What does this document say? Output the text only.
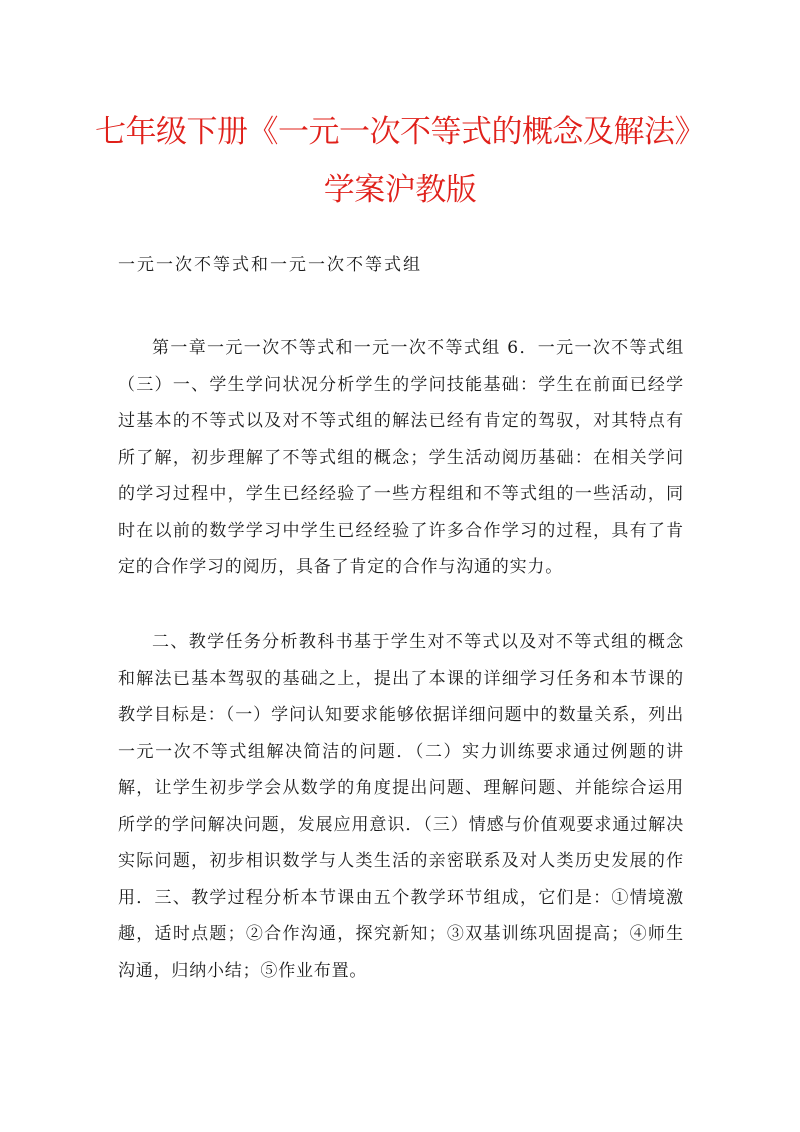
七年级下册《一元一次不等式的概念及解法》
学案沪教版
一元一次不等式和一元一次不等式组

第一章一元一次不等式和一元一次不等式组 6．一元一次不等式组（三）一、学生学问状况分析学生的学问技能基础：学生在前面已经学过基本的不等式以及对不等式组的解法已经有肯定的驾驭，对其特点有所了解，初步理解了不等式组的概念；学生活动阅历基础：在相关学问的学习过程中，学生已经经验了一些方程组和不等式组的一些活动，同时在以前的数学学习中学生已经经验了许多合作学习的过程，具有了肯定的合作学习的阅历，具备了肯定的合作与沟通的实力。

二、教学任务分析教科书基于学生对不等式以及对不等式组的概念和解法已基本驾驭的基础之上，提出了本课的详细学习任务和本节课的教学目标是：（一）学问认知要求能够依据详细问题中的数量关系，列出一元一次不等式组解决简洁的问题．（二）实力训练要求通过例题的讲解，让学生初步学会从数学的角度提出问题、理解问题、并能综合运用所学的学问解决问题，发展应用意识．（三）情感与价值观要求通过解决实际问题，初步相识数学与人类生活的亲密联系及对人类历史发展的作用．三、教学过程分析本节课由五个教学环节组成，它们是：①情境激趣，适时点题；②合作沟通，探究新知；③双基训练巩固提高；④师生沟通，归纳小结；⑤作业布置。
